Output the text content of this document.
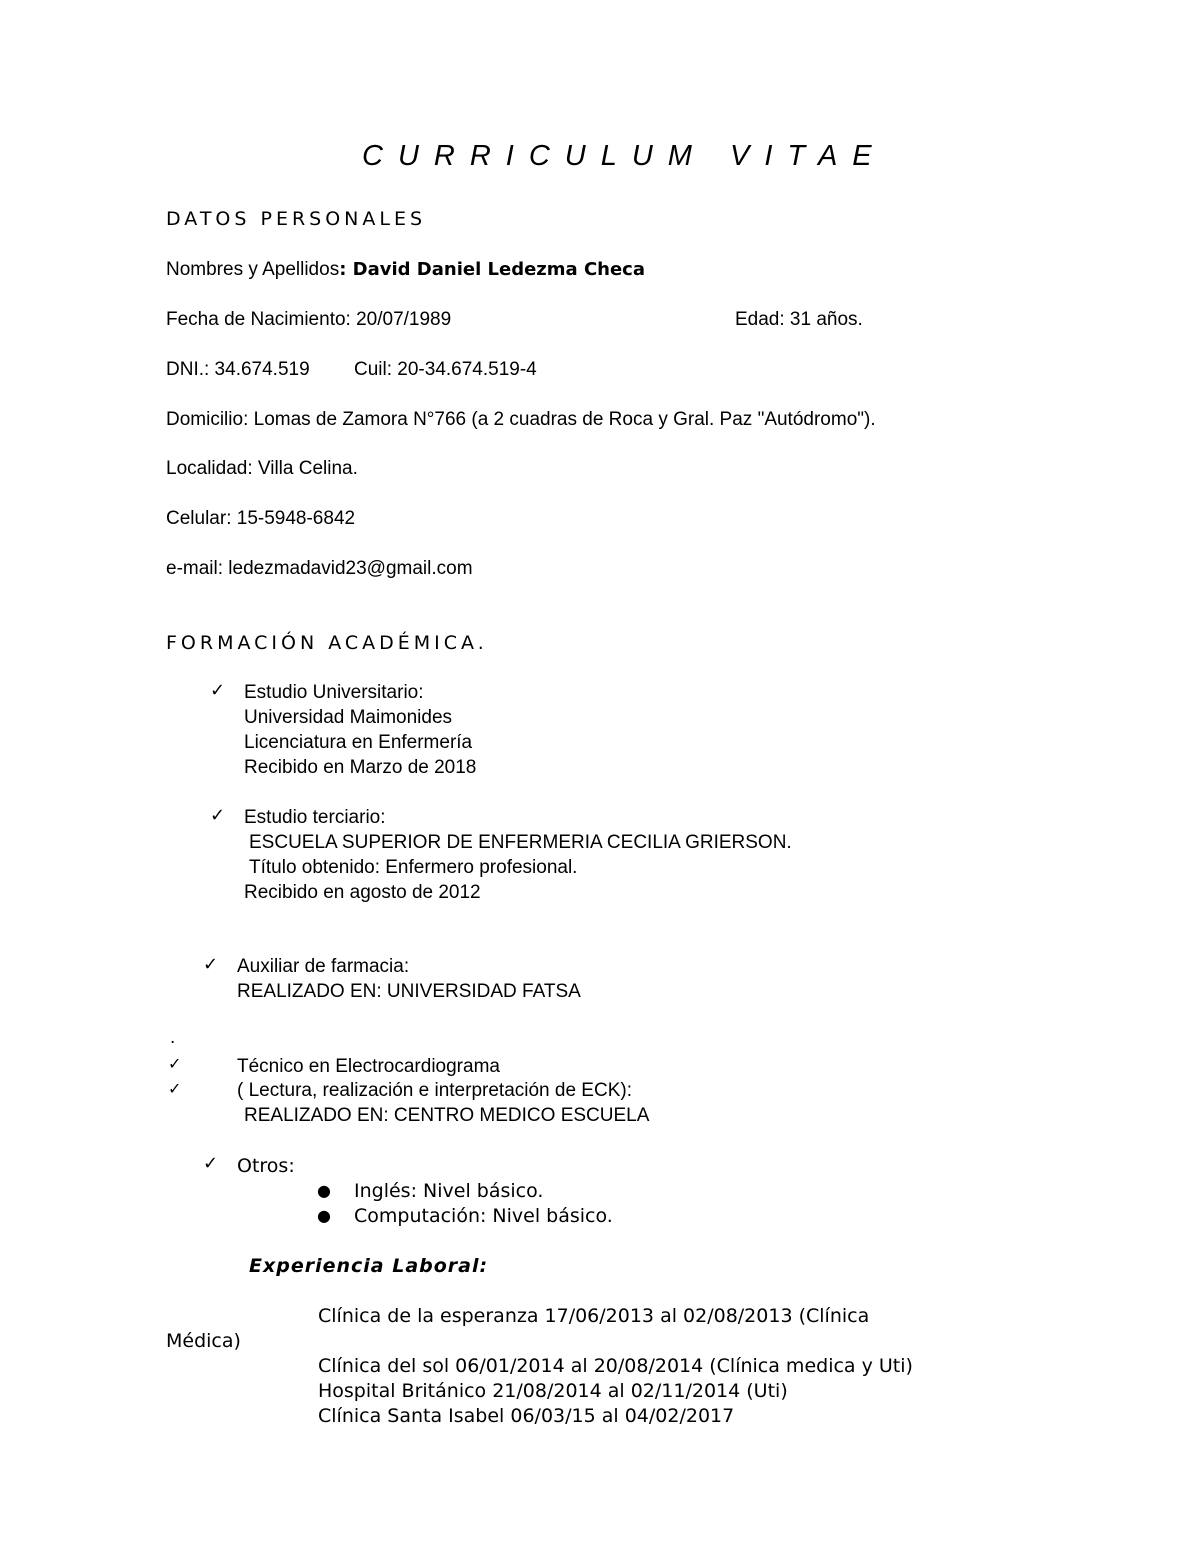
CURRICULUM VITAE
DATOS PERSONALES
Nombres y Apellidos: David Daniel Ledezma Checa
Fecha de Nacimiento: 20/07/1989	Edad: 31 años.
DNI.: 34.674.519 Cuil: 20-34.674.519-4
Domicilio: Lomas de Zamora N°766 (a 2 cuadras de Roca y Gral. Paz "Autódromo").
Localidad: Villa Celina.
Celular: 15-5948-6842
e-mail: ledezmadavid23@gmail.com
FORMACIÓN ACADÉMICA.
✓ Estudio Universitario:
Universidad Maimonides
Licenciatura en Enfermería
Recibido en Marzo de 2018
✓ Estudio terciario:
ESCUELA SUPERIOR DE ENFERMERIA CECILIA GRIERSON.
Título obtenido: Enfermero profesional.
Recibido en agosto de 2012
✓ Auxiliar de farmacia:
REALIZADO EN: UNIVERSIDAD FATSA
.
✓	Técnico en Electrocardiograma
✓	( Lectura, realización e interpretación de ECK):
REALIZADO EN: CENTRO MEDICO ESCUELA
✓ Otros:
● Inglés: Nivel básico.
● Computación: Nivel básico.
Experiencia Laboral:
Clínica de la esperanza 17/06/2013 al 02/08/2013 (Clínica
Médica)
Clínica del sol 06/01/2014 al 20/08/2014 (Clínica medica y Uti)
Hospital Británico 21/08/2014 al 02/11/2014 (Uti)
Clínica Santa Isabel 06/03/15 al 04/02/2017
